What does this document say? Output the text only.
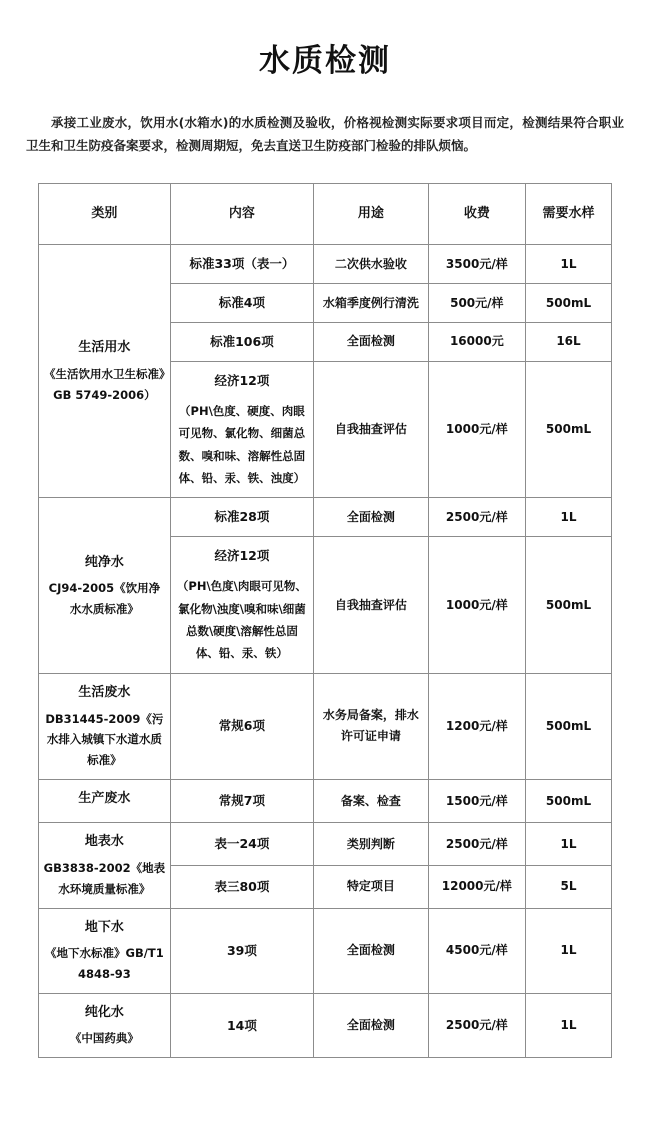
水质检测

承接工业废水，饮用水(水箱水)的水质检测及验收，价格视检测实际要求项目而定，检测结果符合职业卫生和卫生防疫备案要求，检测周期短，免去直送卫生防疫部门检验的排队烦恼。

类别	内容	用途	收费	需要水样

生活用水
《生活饮用水卫生标准》GB 5749-2006）	标准33项（表一）	二次供水验收	3500元/样	1L

	标准4项	水箱季度例行清洗	500元/样	500mL

	标准106项	全面检测	16000元	16L

	经济12项
（PH\色度、硬度、肉眼可见物、氯化物、细菌总数、嗅和味、溶解性总固体、铅、汞、铁、浊度）	自我抽查评估	1000元/样	500mL

纯净水
CJ94-2005《饮用净水水质标准》	标准28项	全面检测	2500元/样	1L

	经济12项
（PH\色度\肉眼可见物、氯化物\浊度\嗅和味\细菌总数\硬度\溶解性总固体、铅、汞、铁）	自我抽查评估	1000元/样	500mL

生活废水
DB31445-2009《污水排入城镇下水道水质标准》	常规6项	水务局备案，排水许可证申请	1200元/样	500mL

生产废水	常规7项	备案、检查	1500元/样	500mL

地表水
GB3838-2002《地表水环境质量标准》	表一24项	类别判断	2500元/样	1L

	表三80项	特定项目	12000元/样	5L

地下水
《地下水标准》GB/T14848-93	39项	全面检测	4500元/样	1L

纯化水
《中国药典》	14项	全面检测	2500元/样	1L
